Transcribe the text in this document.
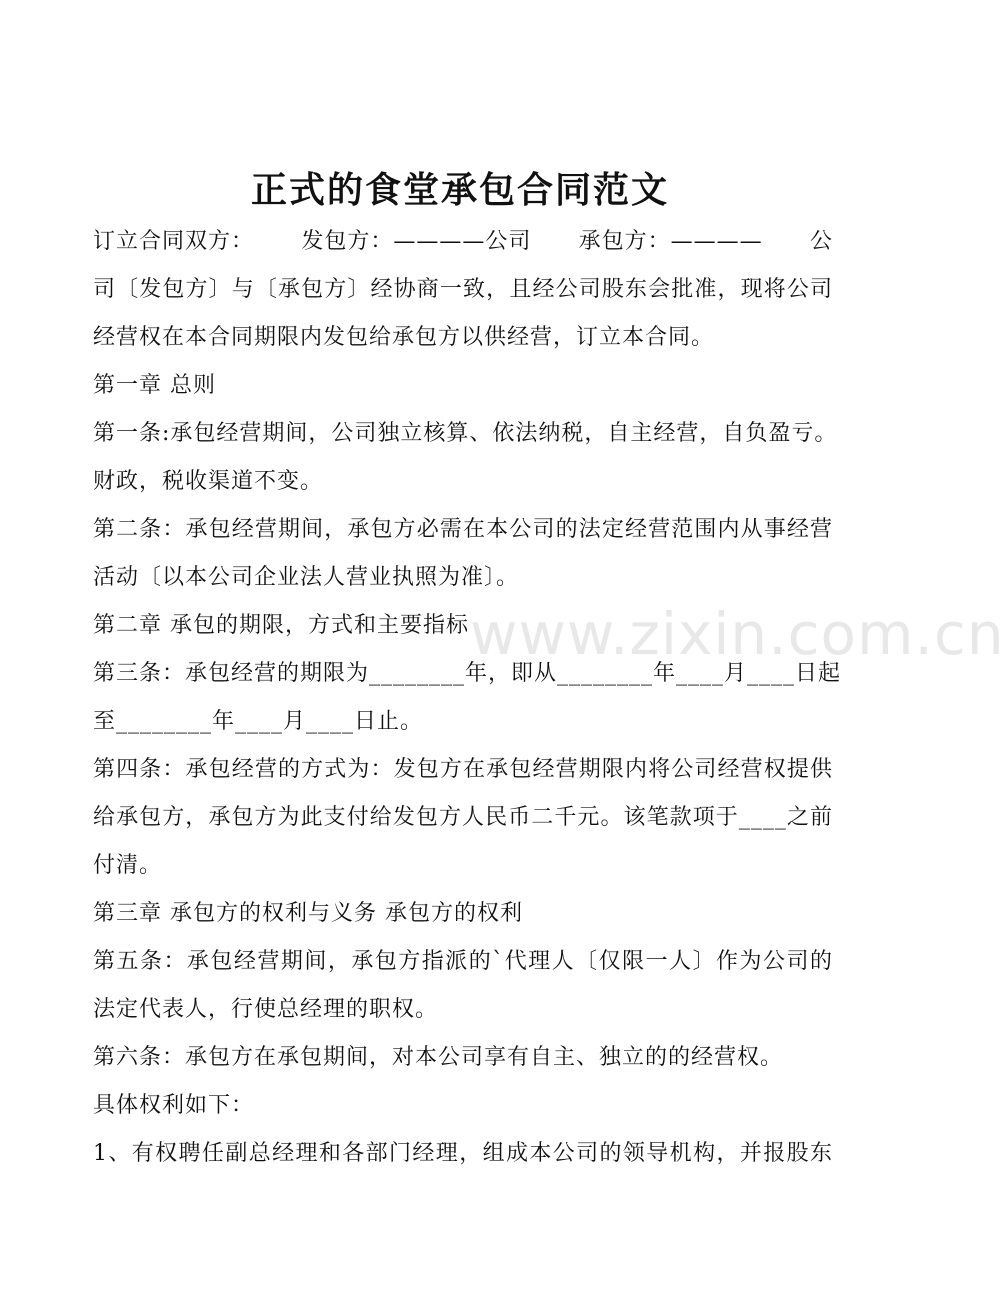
正式的食堂承包合同范文
www.zixin.com.cn
订立合同双方： 发包方：————公司 承包方：———— 公
司〔发包方〕与〔承包方〕经协商一致，且经公司股东会批准，现将公司
经营权在本合同期限内发包给承包方以供经营，订立本合同。
第一章 总则
第一条:承包经营期间，公司独立核算、依法纳税，自主经营，自负盈亏。
财政，税收渠道不变。
第二条：承包经营期间，承包方必需在本公司的法定经营范围内从事经营
活动〔以本公司企业法人营业执照为准〕。
第二章 承包的期限，方式和主要指标
第三条：承包经营的期限为________年，即从________年____月____日起
至________年____月____日止。
第四条：承包经营的方式为：发包方在承包经营期限内将公司经营权提供
给承包方，承包方为此支付给发包方人民币二千元。该笔款项于____之前
付清。
第三章 承包方的权利与义务 承包方的权利
第五条：承包经营期间，承包方指派的`代理人〔仅限一人〕作为公司的
法定代表人，行使总经理的职权。
第六条：承包方在承包期间，对本公司享有自主、独立的的经营权。
具体权利如下：
1、有权聘任副总经理和各部门经理，组成本公司的领导机构，并报股东
